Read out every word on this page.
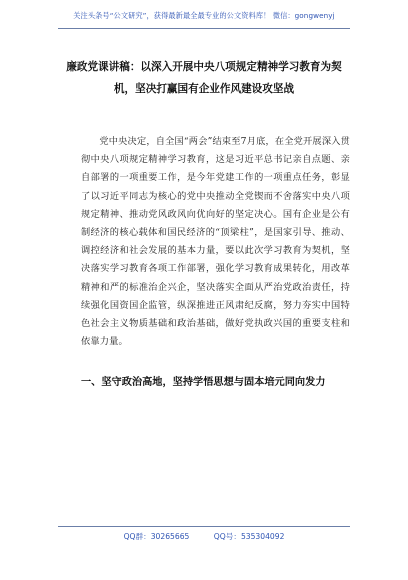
关注头条号“公文研究”，获得最新最全最专业的公文资料库！ 微信：gongwenyj
廉政党课讲稿：以深入开展中央八项规定精神学习教育为契机，坚决打赢国有企业作风建设攻坚战
党中央决定，自全国“两会”结束至7月底，在全党开展深入贯彻中央八项规定精神学习教育，这是习近平总书记亲自点题、亲自部署的一项重要工作，是今年党建工作的一项重点任务，彰显了以习近平同志为核心的党中央推动全党锲而不舍落实中央八项规定精神、推动党风政风向优向好的坚定决心。国有企业是公有制经济的核心载体和国民经济的“顶梁柱”，是国家引导、推动、调控经济和社会发展的基本力量，要以此次学习教育为契机，坚决落实学习教育各项工作部署，强化学习教育成果转化，用改革精神和严的标准治企兴企，坚决落实全面从严治党政治责任，持续强化国资国企监管，纵深推进正风肃纪反腐，努力夯实中国特色社会主义物质基础和政治基础，做好党执政兴国的重要支柱和依靠力量。
一、坚守政治高地，坚持学悟思想与固本培元同向发力
QQ群：30265665	QQ号：535304092
